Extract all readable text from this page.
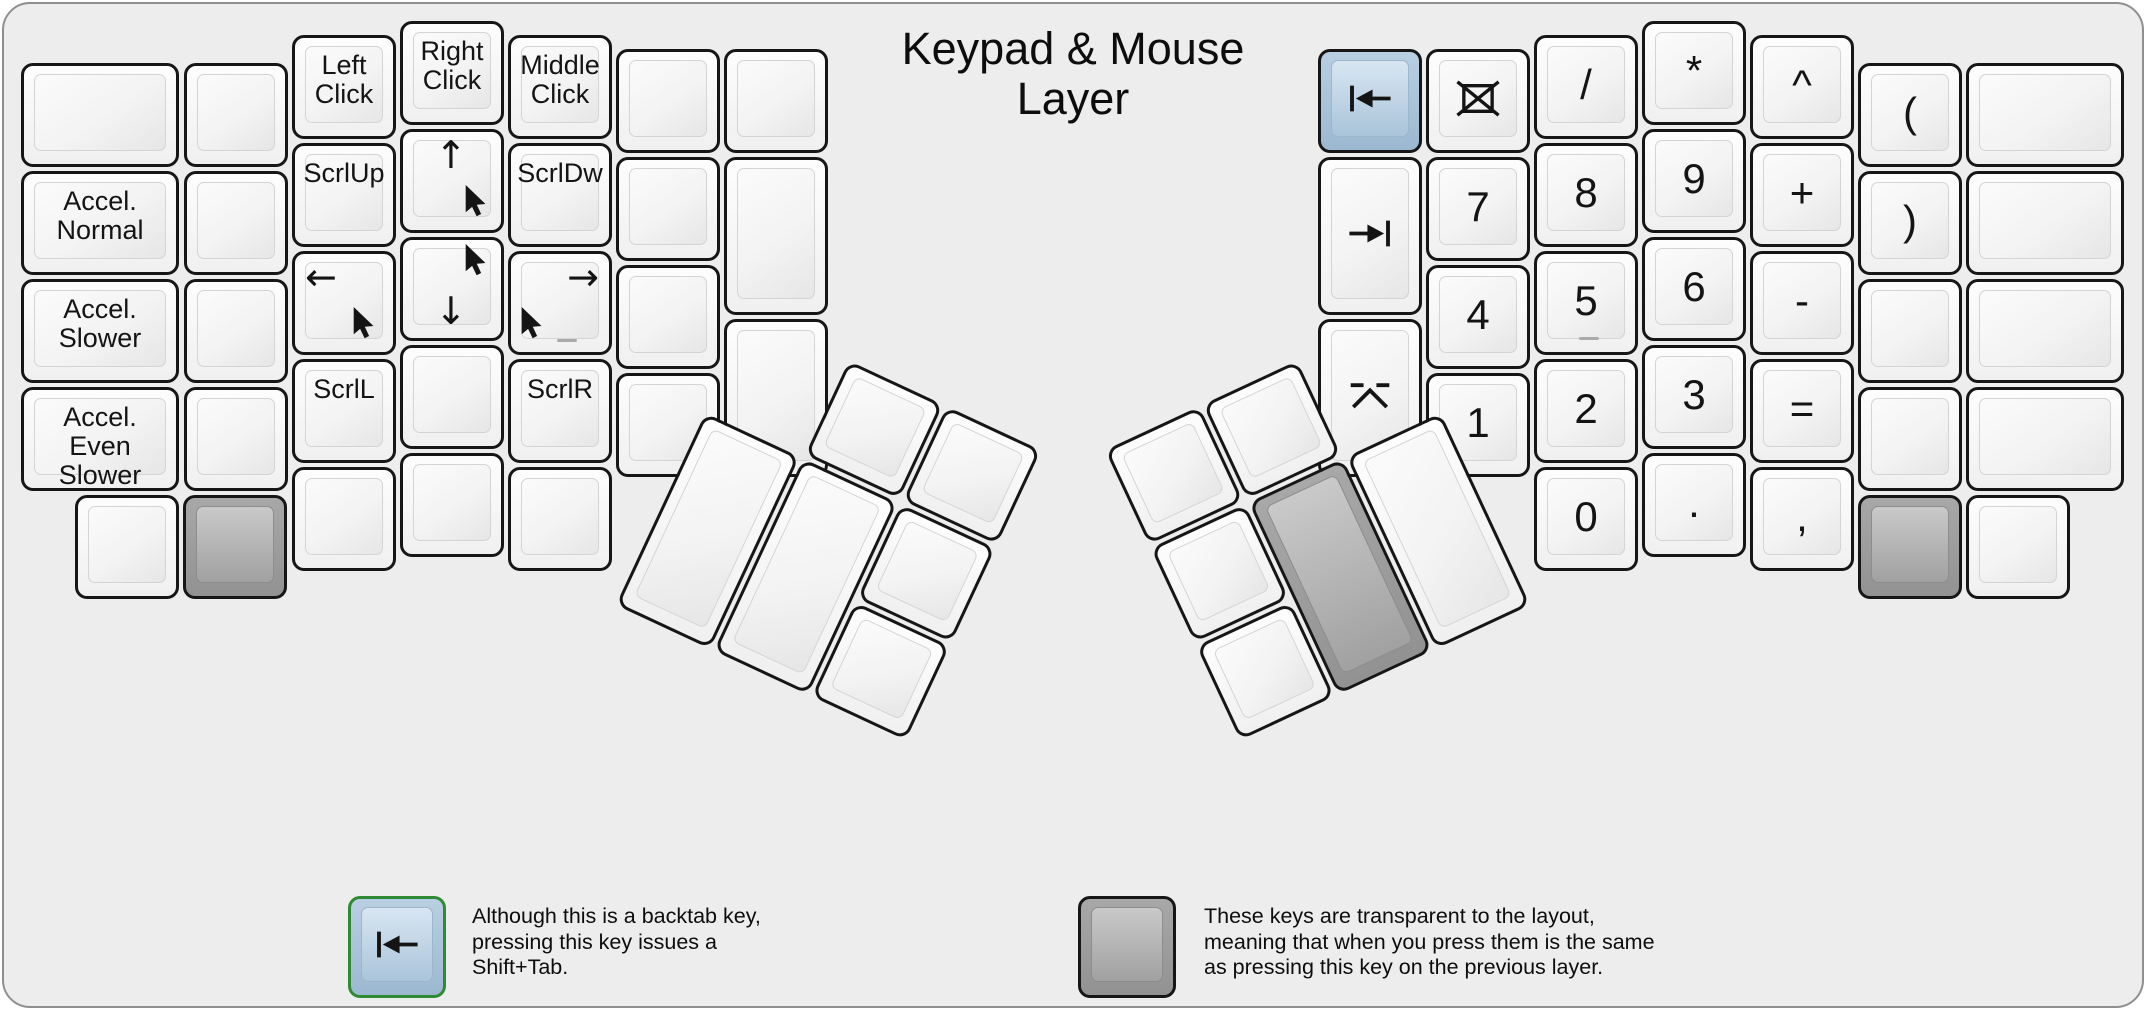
Keypad & Mouse
Layer
Accel.
Normal
Accel.
Slower
Accel.
Even
Slower
Left
Click
ScrlUp
←
ScrlL
Right
Click
↑
↓
Middle
Click
ScrlDw
→
ScrlR
7
4
1
/
8
5
2
0
*
9
6
3
.
^
+
-
=
,
(
)
Although this is a backtab key,
pressing this key issues a
Shift+Tab.
These keys are transparent to the layout,
meaning that when you press them is the same
as pressing this key on the previous layer.
